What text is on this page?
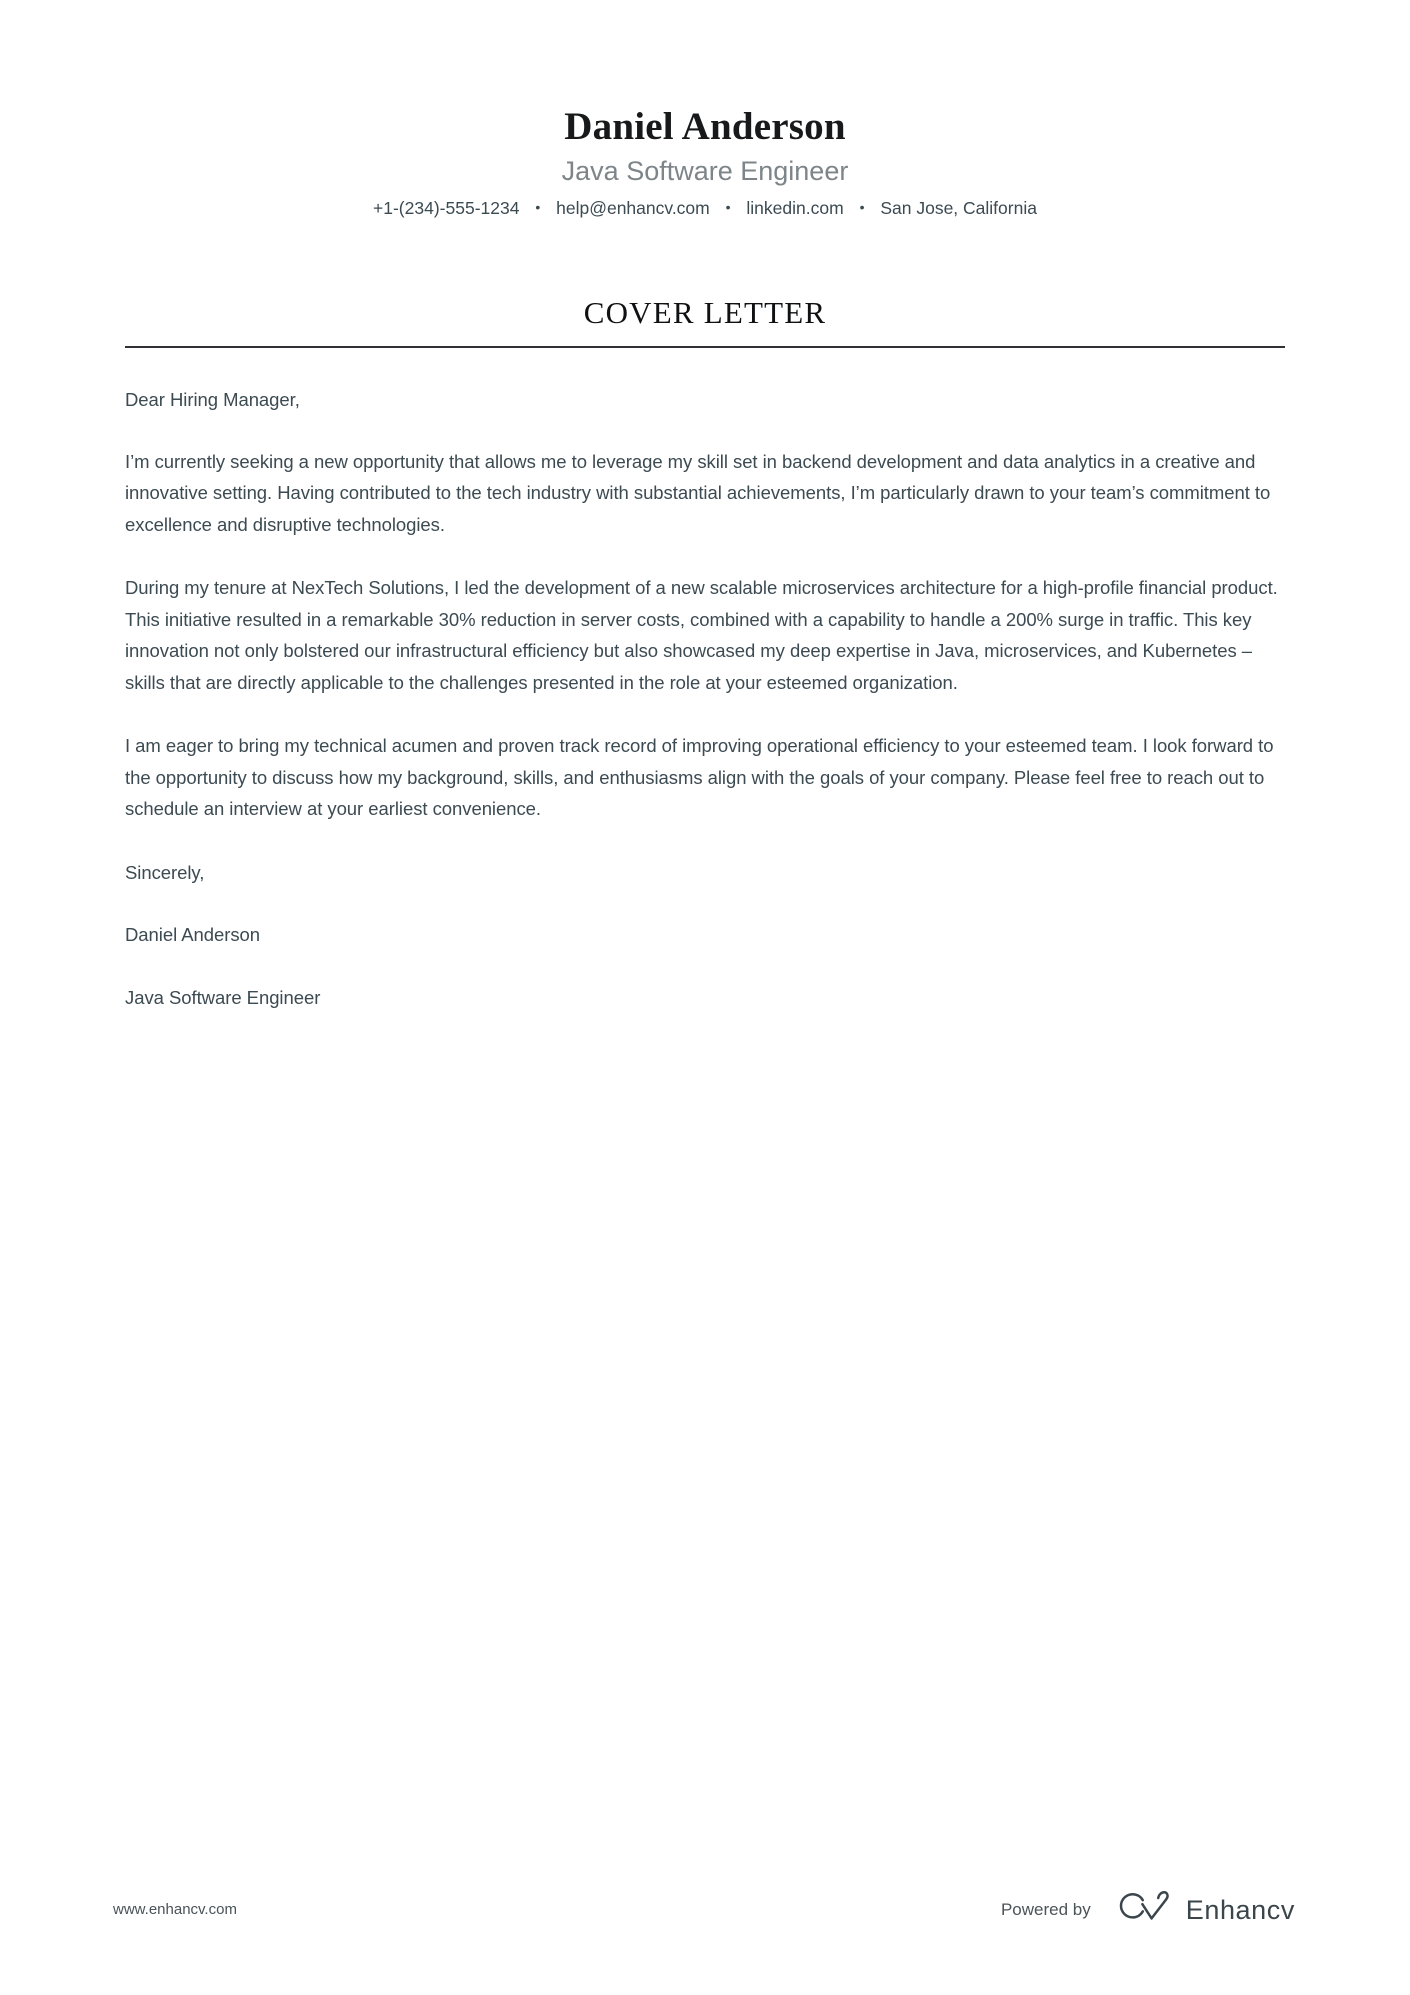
Daniel Anderson
Java Software Engineer
+1-(234)-555-1234 • help@enhancv.com • linkedin.com • San Jose, California
COVER LETTER

Dear Hiring Manager,

I’m currently seeking a new opportunity that allows me to leverage my skill set in backend development and data analytics in a creative and innovative setting. Having contributed to the tech industry with substantial achievements, I’m particularly drawn to your team’s commitment to excellence and disruptive technologies.

During my tenure at NexTech Solutions, I led the development of a new scalable microservices architecture for a high-profile financial product. This initiative resulted in a remarkable 30% reduction in server costs, combined with a capability to handle a 200% surge in traffic. This key innovation not only bolstered our infrastructural efficiency but also showcased my deep expertise in Java, microservices, and Kubernetes – skills that are directly applicable to the challenges presented in the role at your esteemed organization.

I am eager to bring my technical acumen and proven track record of improving operational efficiency to your esteemed team. I look forward to the opportunity to discuss how my background, skills, and enthusiasms align with the goals of your company. Please feel free to reach out to schedule an interview at your earliest convenience.

Sincerely,

Daniel Anderson

Java Software Engineer

www.enhancv.com	Powered by	Enhancv
